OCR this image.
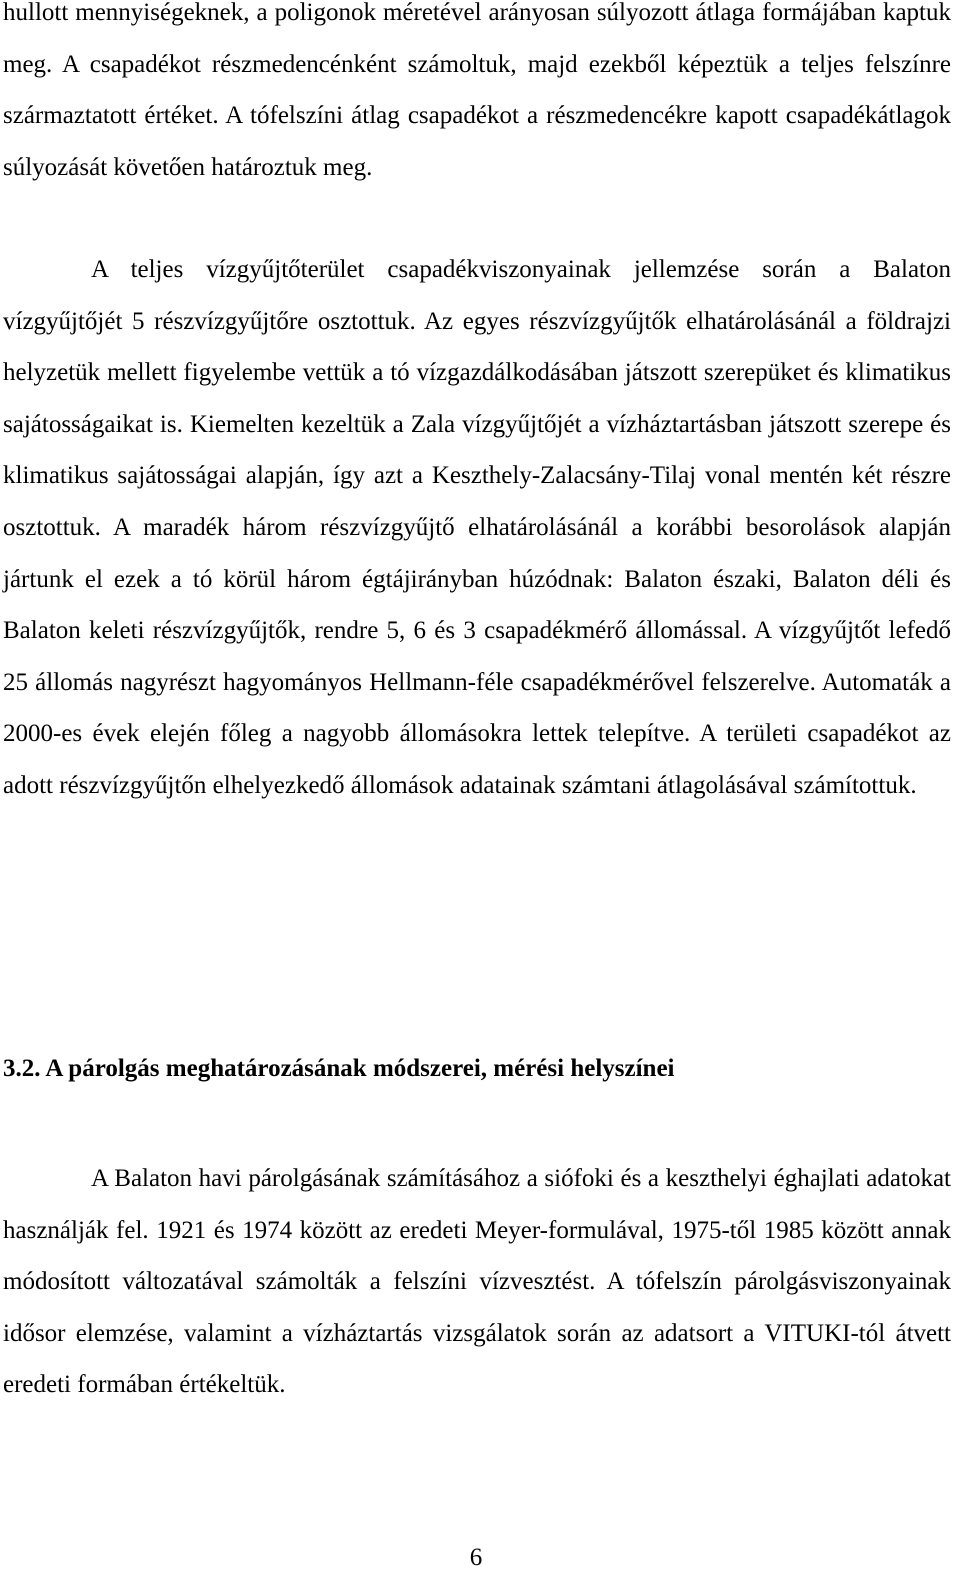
hullott mennyiségeknek, a poligonok méretével arányosan súlyozott átlaga formájában kaptuk meg. A csapadékot részmedencénként számoltuk, majd ezekből képeztük a teljes felszínre származtatott értéket. A tófelszíni átlag csapadékot a részmedencékre kapott csapadékátlagok súlyozását követően határoztuk meg.

A teljes vízgyűjtőterület csapadékviszonyainak jellemzése során a Balaton vízgyűjtőjét 5 részvízgyűjtőre osztottuk. Az egyes részvízgyűjtők elhatárolásánál a földrajzi helyzetük mellett figyelembe vettük a tó vízgazdálkodásában játszott szerepüket és klimatikus sajátosságaikat is. Kiemelten kezeltük a Zala vízgyűjtőjét a vízháztartásban játszott szerepe és klimatikus sajátosságai alapján, így azt a Keszthely-Zalacsány-Tilaj vonal mentén két részre osztottuk. A maradék három részvízgyűjtő elhatárolásánál a korábbi besorolások alapján jártunk el ezek a tó körül három égtájirányban húzódnak: Balaton északi, Balaton déli és Balaton keleti részvízgyűjtők, rendre 5, 6 és 3 csapadékmérő állomással. A vízgyűjtőt lefedő 25 állomás nagyrészt hagyományos Hellmann-féle csapadékmérővel felszerelve. Automaták a 2000-es évek elején főleg a nagyobb állomásokra lettek telepítve. A területi csapadékot az adott részvízgyűjtőn elhelyezkedő állomások adatainak számtani átlagolásával számítottuk.

3.2. A párolgás meghatározásának módszerei, mérési helyszínei

A Balaton havi párolgásának számításához a siófoki és a keszthelyi éghajlati adatokat használják fel. 1921 és 1974 között az eredeti Meyer-formulával, 1975-től 1985 között annak módosított változatával számolták a felszíni vízvesztést. A tófelszín párolgásviszonyainak idősor elemzése, valamint a vízháztartás vizsgálatok során az adatsort a VITUKI-tól átvett eredeti formában értékeltük.

6
